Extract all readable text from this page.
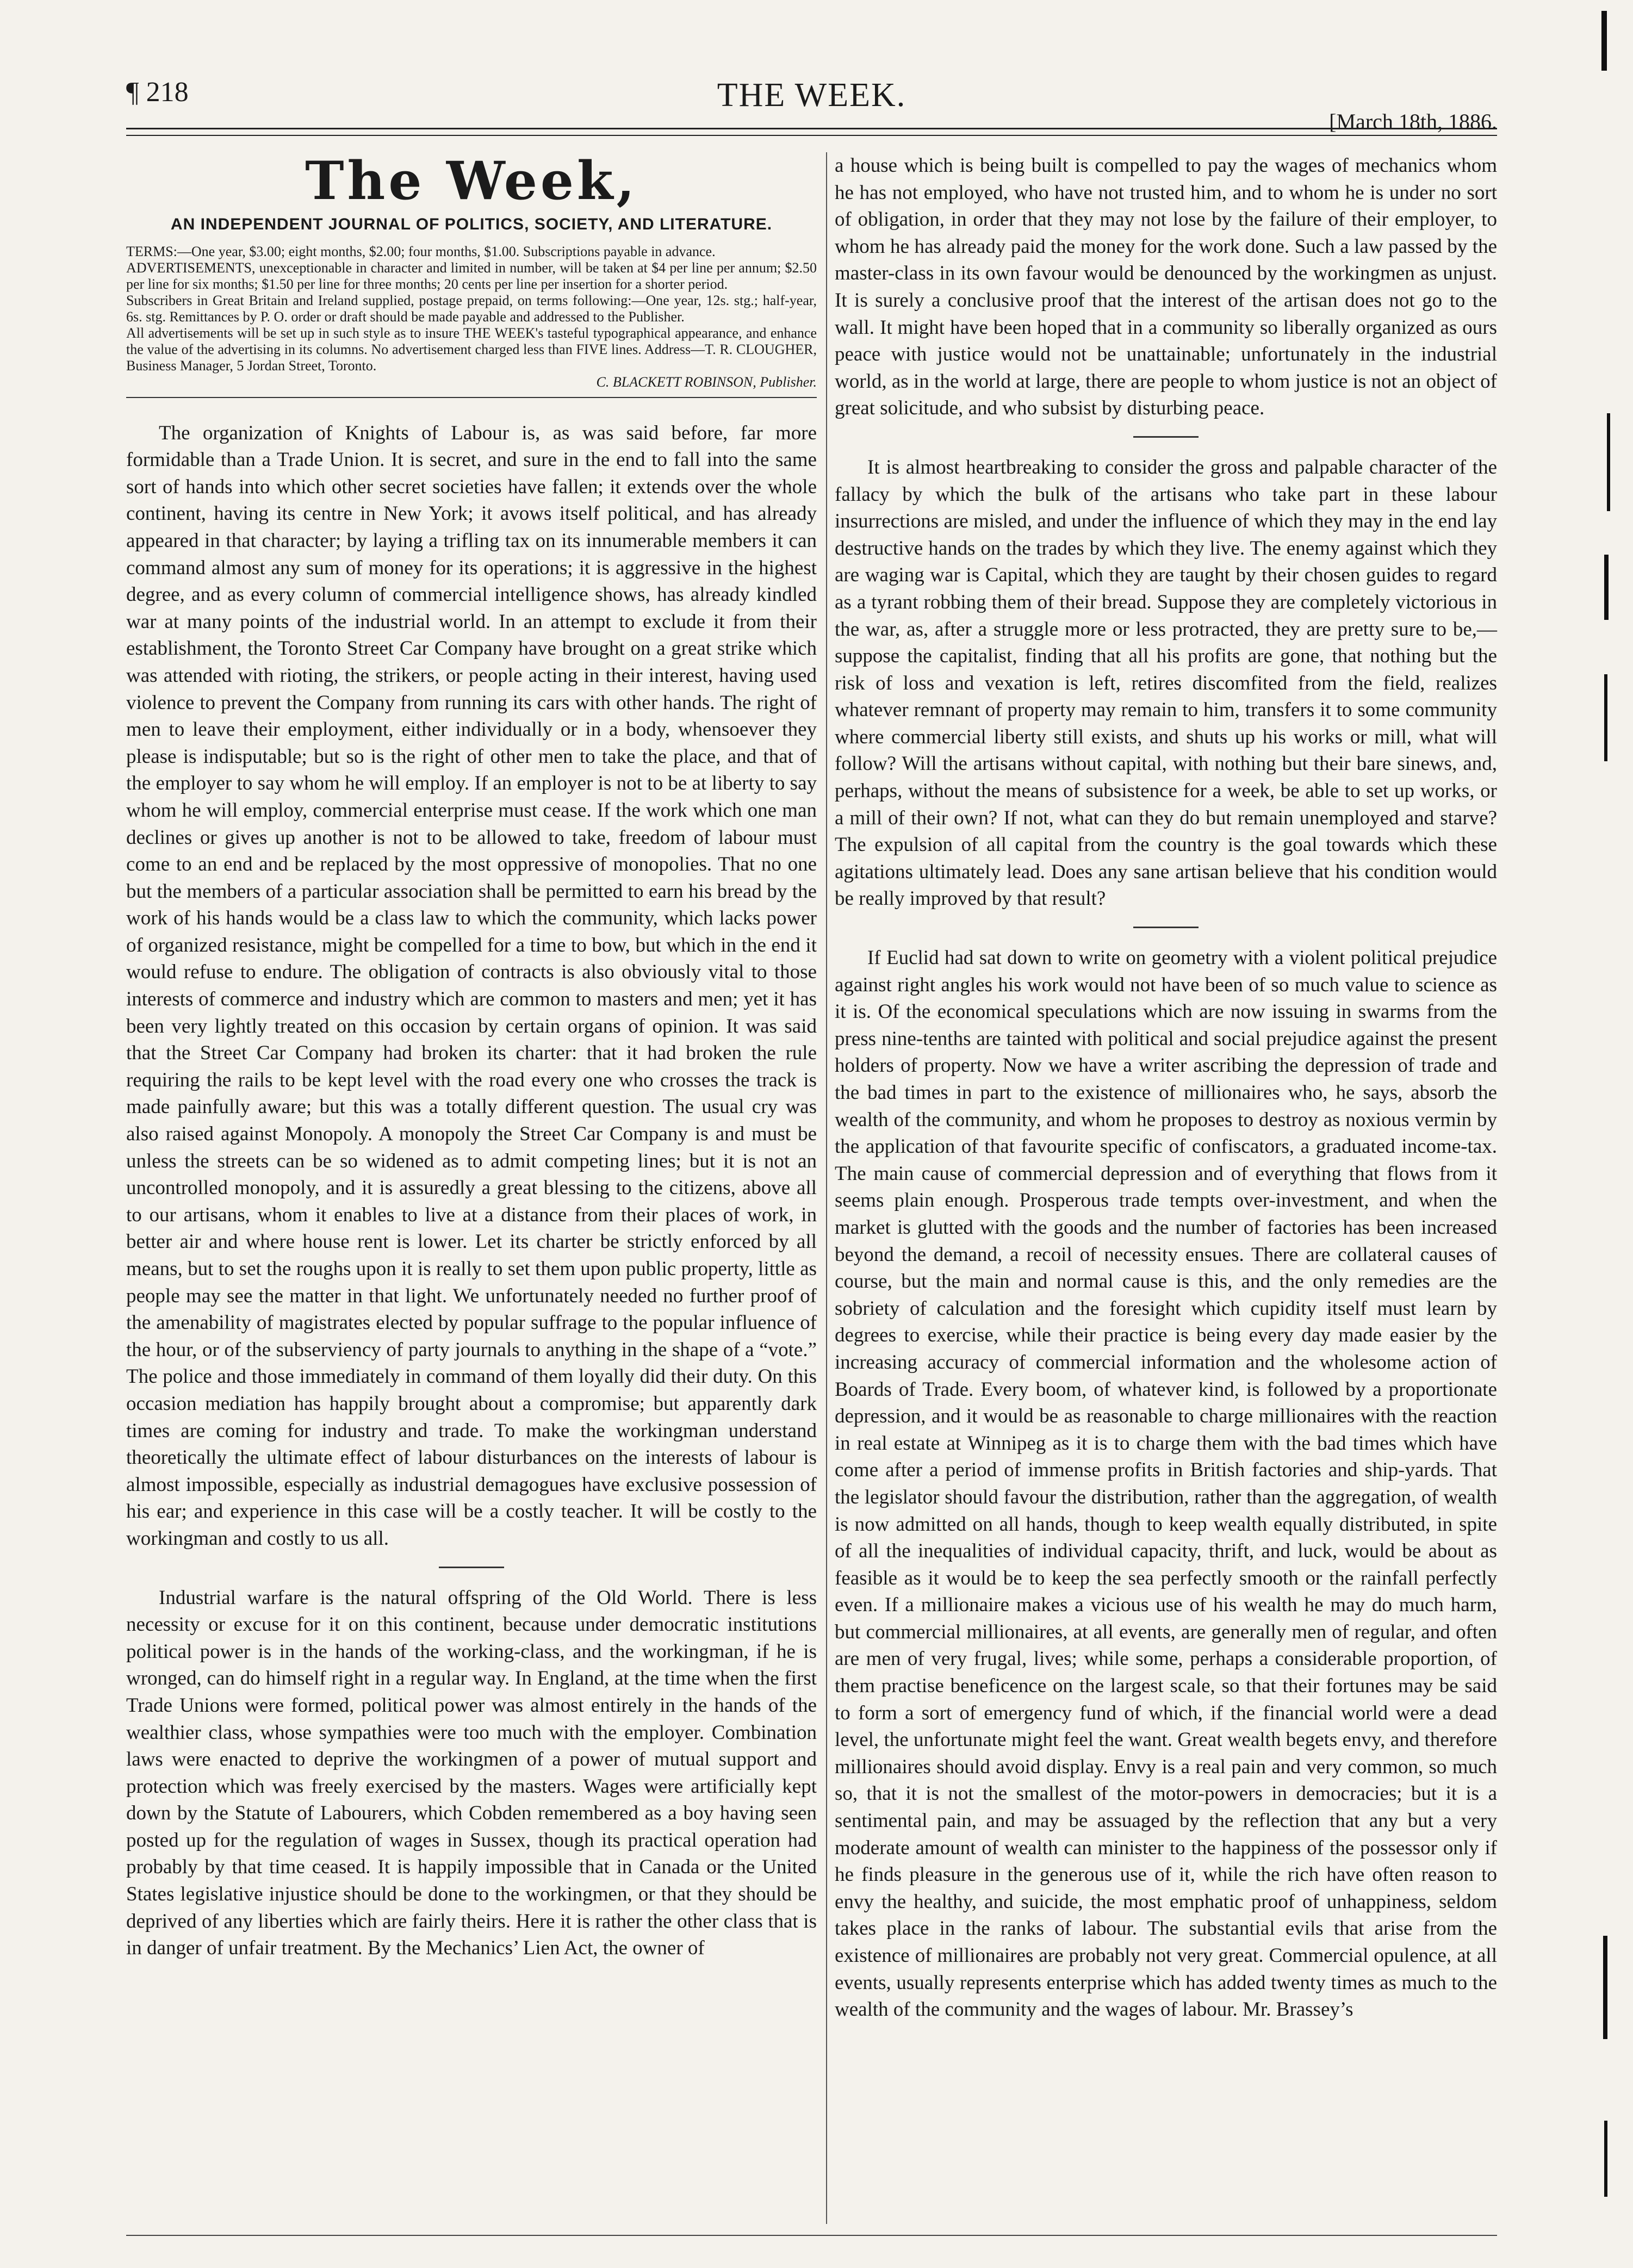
¶ 218	THE WEEK.
[March 18th, 1886.
The Week,
AN INDEPENDENT JOURNAL OF POLITICS, SOCIETY, AND LITERATURE.

TERMS:—One year, $3.00; eight months, $2.00; four months, $1.00. Subscriptions payable in advance.

ADVERTISEMENTS, unexceptionable in character and limited in number, will be taken at $4 per line per annum; $2.50 per line for six months; $1.50 per line for three months; 20 cents per line per insertion for a shorter period.

Subscribers in Great Britain and Ireland supplied, postage prepaid, on terms following:—One year, 12s. stg.; half-year, 6s. stg. Remittances by P. O. order or draft should be made payable and addressed to the Publisher.

All advertisements will be set up in such style as to insure THE WEEK's tasteful typographical appearance, and enhance the value of the advertising in its columns. No advertisement charged less than FIVE lines. Address—T. R. CLOUGHER, Business Manager, 5 Jordan Street, Toronto.

C. BLACKETT ROBINSON, Publisher.

The organization of Knights of Labour is, as was said before, far more formidable than a Trade Union. It is secret, and sure in the end to fall into the same sort of hands into which other secret societies have fallen; it extends over the whole continent, having its centre in New York; it avows itself political, and has already appeared in that character; by laying a trifling tax on its innumerable members it can command almost any sum of money for its operations; it is aggressive in the highest degree, and as every column of commercial intelligence shows, has already kindled war at many points of the industrial world. In an attempt to exclude it from their establishment, the Toronto Street Car Company have brought on a great strike which was attended with rioting, the strikers, or people acting in their interest, having used violence to prevent the Company from running its cars with other hands. The right of men to leave their employment, either individually or in a body, whensoever they please is indisputable; but so is the right of other men to take the place, and that of the employer to say whom he will employ. If an employer is not to be at liberty to say whom he will employ, commercial enterprise must cease. If the work which one man declines or gives up another is not to be allowed to take, freedom of labour must come to an end and be replaced by the most oppressive of monopolies. That no one but the members of a particular association shall be permitted to earn his bread by the work of his hands would be a class law to which the community, which lacks power of organized resistance, might be compelled for a time to bow, but which in the end it would refuse to endure. The obligation of contracts is also obviously vital to those interests of commerce and industry which are common to masters and men; yet it has been very lightly treated on this occasion by certain organs of opinion. It was said that the Street Car Company had broken its charter: that it had broken the rule requiring the rails to be kept level with the road every one who crosses the track is made painfully aware; but this was a totally different question. The usual cry was also raised against Monopoly. A monopoly the Street Car Company is and must be unless the streets can be so widened as to admit competing lines; but it is not an uncontrolled monopoly, and it is assuredly a great blessing to the citizens, above all to our artisans, whom it enables to live at a distance from their places of work, in better air and where house rent is lower. Let its charter be strictly enforced by all means, but to set the roughs upon it is really to set them upon public property, little as people may see the matter in that light. We unfortunately needed no further proof of the amenability of magistrates elected by popular suffrage to the popular influence of the hour, or of the subserviency of party journals to anything in the shape of a “vote.” The police and those immediately in command of them loyally did their duty. On this occasion mediation has happily brought about a compromise; but apparently dark times are coming for industry and trade. To make the workingman understand theoretically the ultimate effect of labour disturbances on the interests of labour is almost impossible, especially as industrial demagogues have exclusive possession of his ear; and experience in this case will be a costly teacher. It will be costly to the workingman and costly to us all.

Industrial warfare is the natural offspring of the Old World. There is less necessity or excuse for it on this continent, because under democratic institutions political power is in the hands of the working-class, and the workingman, if he is wronged, can do himself right in a regular way. In England, at the time when the first Trade Unions were formed, political power was almost entirely in the hands of the wealthier class, whose sympathies were too much with the employer. Combination laws were enacted to deprive the workingmen of a power of mutual support and protection which was freely exercised by the masters. Wages were artificially kept down by the Statute of Labourers, which Cobden remembered as a boy having seen posted up for the regulation of wages in Sussex, though its practical operation had probably by that time ceased. It is happily impossible that in Canada or the United States legislative injustice should be done to the workingmen, or that they should be deprived of any liberties which are fairly theirs. Here it is rather the other class that is in danger of unfair treatment. By the Mechanics’ Lien Act, the owner of

a house which is being built is compelled to pay the wages of mechanics whom he has not employed, who have not trusted him, and to whom he is under no sort of obligation, in order that they may not lose by the failure of their employer, to whom he has already paid the money for the work done. Such a law passed by the master-class in its own favour would be denounced by the workingmen as unjust. It is surely a conclusive proof that the interest of the artisan does not go to the wall. It might have been hoped that in a community so liberally organized as ours peace with justice would not be unattainable; unfortunately in the industrial world, as in the world at large, there are people to whom justice is not an object of great solicitude, and who subsist by disturbing peace.

It is almost heartbreaking to consider the gross and palpable character of the fallacy by which the bulk of the artisans who take part in these labour insurrections are misled, and under the influence of which they may in the end lay destructive hands on the trades by which they live. The enemy against which they are waging war is Capital, which they are taught by their chosen guides to regard as a tyrant robbing them of their bread. Suppose they are completely victorious in the war, as, after a struggle more or less protracted, they are pretty sure to be,—suppose the capitalist, finding that all his profits are gone, that nothing but the risk of loss and vexation is left, retires discomfited from the field, realizes whatever remnant of property may remain to him, transfers it to some community where commercial liberty still exists, and shuts up his works or mill, what will follow? Will the artisans without capital, with nothing but their bare sinews, and, perhaps, without the means of subsistence for a week, be able to set up works, or a mill of their own? If not, what can they do but remain unemployed and starve? The expulsion of all capital from the country is the goal towards which these agitations ultimately lead. Does any sane artisan believe that his condition would be really improved by that result?

If Euclid had sat down to write on geometry with a violent political prejudice against right angles his work would not have been of so much value to science as it is. Of the economical speculations which are now issuing in swarms from the press nine-tenths are tainted with political and social prejudice against the present holders of property. Now we have a writer ascribing the depression of trade and the bad times in part to the existence of millionaires who, he says, absorb the wealth of the community, and whom he proposes to destroy as noxious vermin by the application of that favourite specific of confiscators, a graduated income-tax. The main cause of commercial depression and of everything that flows from it seems plain enough. Prosperous trade tempts over-investment, and when the market is glutted with the goods and the number of factories has been increased beyond the demand, a recoil of necessity ensues. There are collateral causes of course, but the main and normal cause is this, and the only remedies are the sobriety of calculation and the foresight which cupidity itself must learn by degrees to exercise, while their practice is being every day made easier by the increasing accuracy of commercial information and the wholesome action of Boards of Trade. Every boom, of whatever kind, is followed by a proportionate depression, and it would be as reasonable to charge millionaires with the reaction in real estate at Winnipeg as it is to charge them with the bad times which have come after a period of immense profits in British factories and ship-yards. That the legislator should favour the distribution, rather than the aggregation, of wealth is now admitted on all hands, though to keep wealth equally distributed, in spite of all the inequalities of individual capacity, thrift, and luck, would be about as feasible as it would be to keep the sea perfectly smooth or the rainfall perfectly even. If a millionaire makes a vicious use of his wealth he may do much harm, but commercial millionaires, at all events, are generally men of regular, and often are men of very frugal, lives; while some, perhaps a considerable proportion, of them practise beneficence on the largest scale, so that their fortunes may be said to form a sort of emergency fund of which, if the financial world were a dead level, the unfortunate might feel the want. Great wealth begets envy, and therefore millionaires should avoid display. Envy is a real pain and very common, so much so, that it is not the smallest of the motor-powers in democracies; but it is a sentimental pain, and may be assuaged by the reflection that any but a very moderate amount of wealth can minister to the happiness of the possessor only if he finds pleasure in the generous use of it, while the rich have often reason to envy the healthy, and suicide, the most emphatic proof of unhappiness, seldom takes place in the ranks of labour. The substantial evils that arise from the existence of millionaires are probably not very great. Commercial opulence, at all events, usually represents enterprise which has added twenty times as much to the wealth of the community and the wages of labour. Mr. Brassey’s
